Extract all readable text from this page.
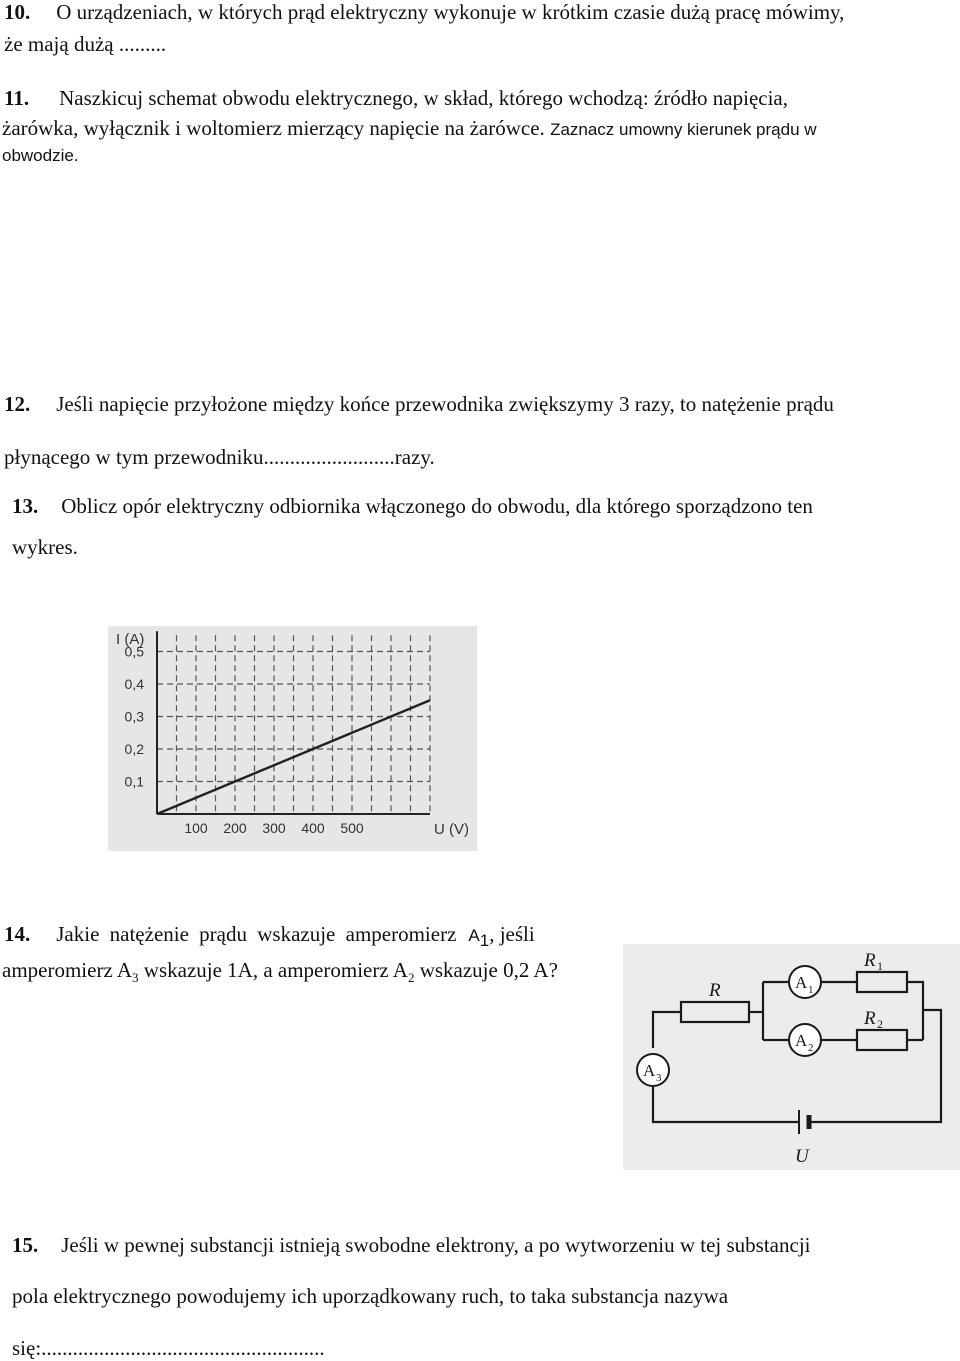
10. O urządzeniach, w których prąd elektryczny wykonuje w krótkim czasie dużą pracę mówimy,
że mają dużą .........
11. Naszkicuj schemat obwodu elektrycznego, w skład, którego wchodzą: źródło napięcia,
żarówka, wyłącznik i woltomierz mierzący napięcie na żarówce. Zaznacz umowny kierunek prądu w
obwodzie.
12. Jeśli napięcie przyłożone między końce przewodnika zwiększymy 3 razy, to natężenie prądu
płynącego w tym przewodniku.........................razy.
13. Oblicz opór elektryczny odbiornika włączonego do obwodu, dla którego sporządzono ten
wykres.
100 200 300 400 500
0,1
0,2
0,3
0,4
0,5
I (A)
U (V)
14. Jakie natężenie prądu wskazuje amperomierz $A_1$, jeśli
amperomierz $A_3$ wskazuje 1A, a amperomierz $A_2$ wskazuje 0,2 A?
R
R 1
R 2
A 1
A 2
A 3
U
15. Jeśli w pewnej substancji istnieją swobodne elektrony, a po wytworzeniu w tej substancji
pola elektrycznego powodujemy ich uporządkowany ruch, to taka substancja nazywa
się:......................................................
